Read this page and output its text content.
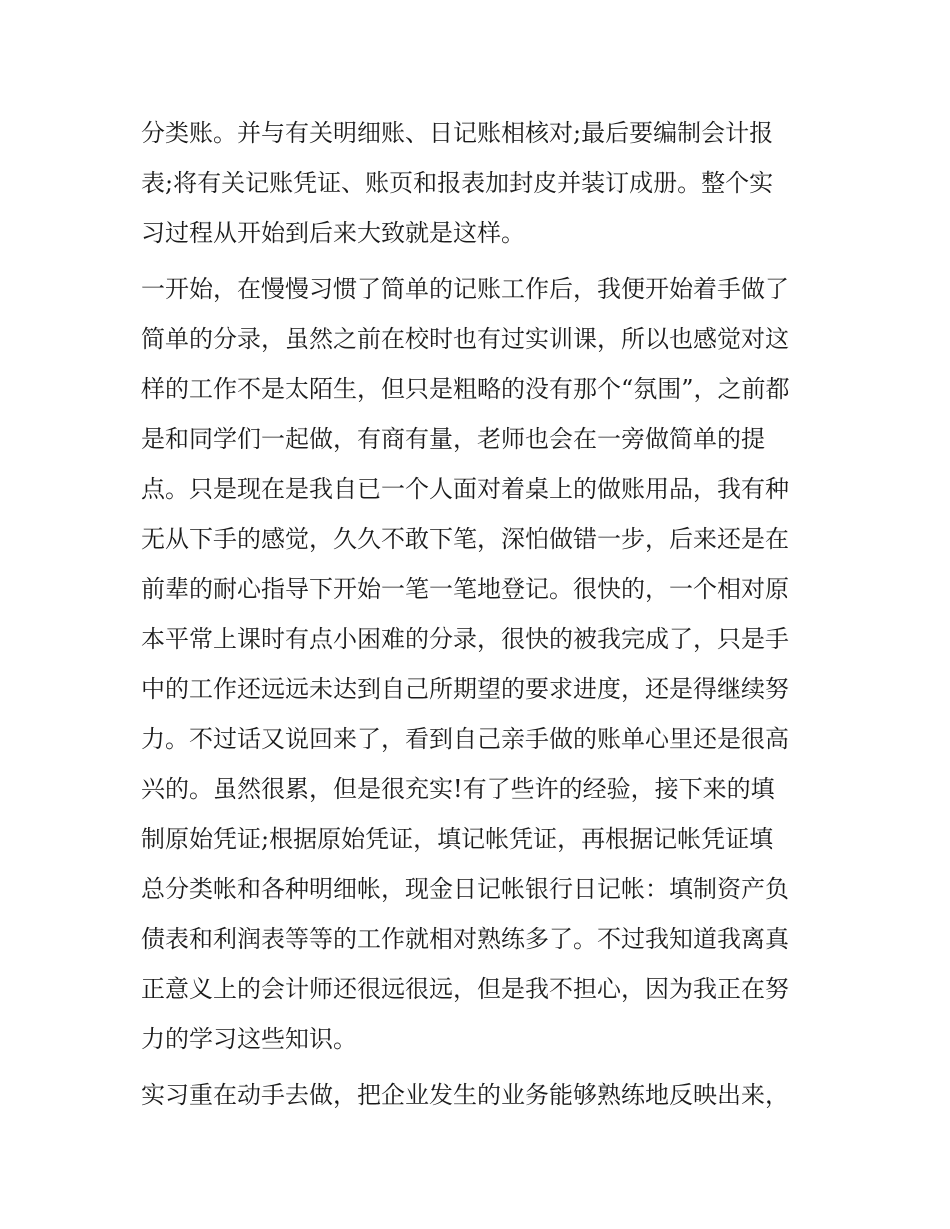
分类账。并与有关明细账、日记账相核对;最后要编制会计报
表;将有关记账凭证、账页和报表加封皮并装订成册。整个实
习过程从开始到后来大致就是这样。
一开始，在慢慢习惯了简单的记账工作后，我便开始着手做了
简单的分录，虽然之前在校时也有过实训课，所以也感觉对这
样的工作不是太陌生，但只是粗略的没有那个“氛围”，之前都
是和同学们一起做，有商有量，老师也会在一旁做简单的提
点。只是现在是我自已一个人面对着桌上的做账用品，我有种
无从下手的感觉，久久不敢下笔，深怕做错一步，后来还是在
前辈的耐心指导下开始一笔一笔地登记。很快的，一个相对原
本平常上课时有点小困难的分录，很快的被我完成了，只是手
中的工作还远远未达到自己所期望的要求进度，还是得继续努
力。不过话又说回来了，看到自己亲手做的账单心里还是很高
兴的。虽然很累，但是很充实!有了些许的经验，接下来的填
制原始凭证;根据原始凭证，填记帐凭证，再根据记帐凭证填
总分类帐和各种明细帐，现金日记帐银行日记帐：填制资产负
债表和利润表等等的工作就相对熟练多了。不过我知道我离真
正意义上的会计师还很远很远，但是我不担心，因为我正在努
力的学习这些知识。
实习重在动手去做，把企业发生的业务能够熟练地反映出来，
